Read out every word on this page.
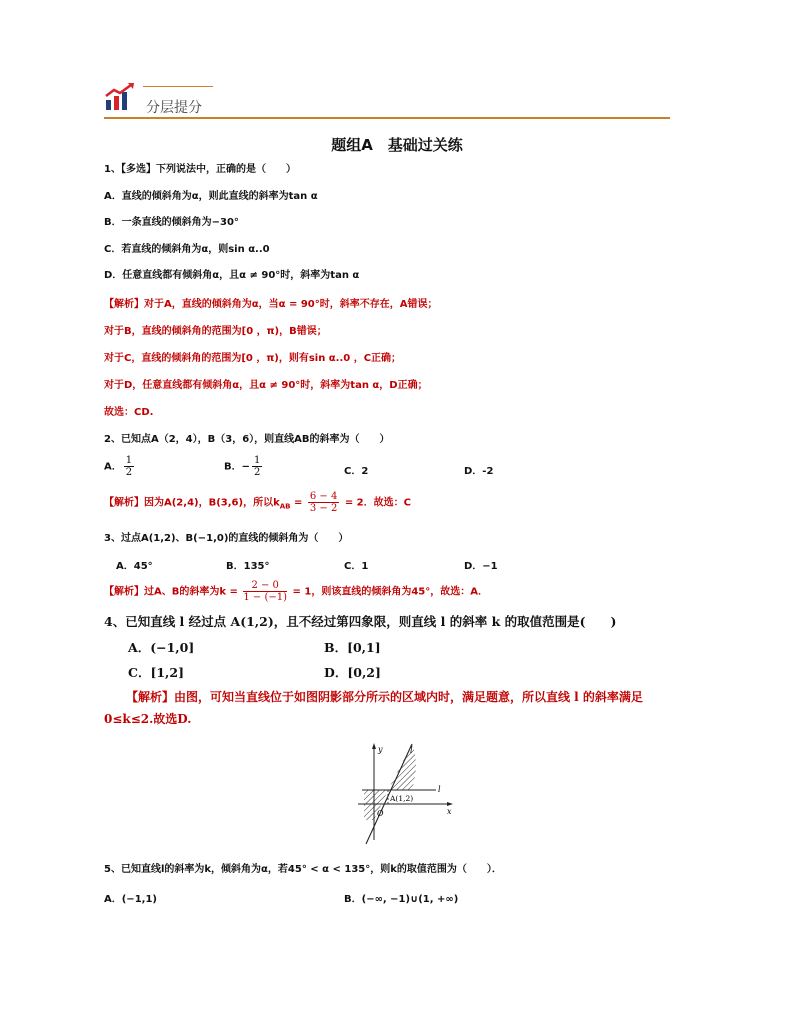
分层提分
题组A　基础过关练
1、【多选】下列说法中，正确的是（　　）
A．直线的倾斜角为α，则此直线的斜率为tan α
B．一条直线的倾斜角为−30°
C．若直线的倾斜角为α，则sin α..0
D．任意直线都有倾斜角α，且α ≠ 90°时，斜率为tan α
【解析】对于A，直线的倾斜角为α，当α = 90°时，斜率不存在，A错误；
对于B，直线的倾斜角的范围为[0 ，π)，B错误；
对于C，直线的倾斜角的范围为[0 ，π)，则有sin α..0 ，C正确；
对于D，任意直线都有倾斜角α，且α ≠ 90°时，斜率为tan α，D正确；
故选：CD.
2、已知点A（2，4），B（3，6），则直线AB的斜率为（　　）
A． $\frac{1}{2}$	B．− $\frac{1}{2}$	C．2	D．-2
【解析】因为A(2,4)，B(3,6)，所以$k_{AB} = \frac{6 - 4}{3 - 2} = 2$．故选：C
3、过点A(1,2)、B(−1,0)的直线的倾斜角为（　　）
A．45°	B．135°	C．1	D．−1
【解析】过A、B的斜率为$k = \frac{2 - 0}{1 - (-1)} = 1$，则该直线的倾斜角为45°，故选：A．
4、已知直线 l 经过点 A(1,2)，且不经过第四象限，则直线 l 的斜率 k 的取值范围是(　　)
A．(−1,0]	B．[0,1]
C．[1,2]	D．[0,2]
【解析】由图，可知当直线位于如图阴影部分所示的区域内时，满足题意，所以直线 l 的斜率满足
0≤k≤2.故选D.
y
x
O
A(1,2)
l
l
5、已知直线l的斜率为k，倾斜角为α，若45° < α < 135°，则k的取值范围为（　　）．
A．(−1,1)	B．(−∞, −1)∪(1, +∞)
